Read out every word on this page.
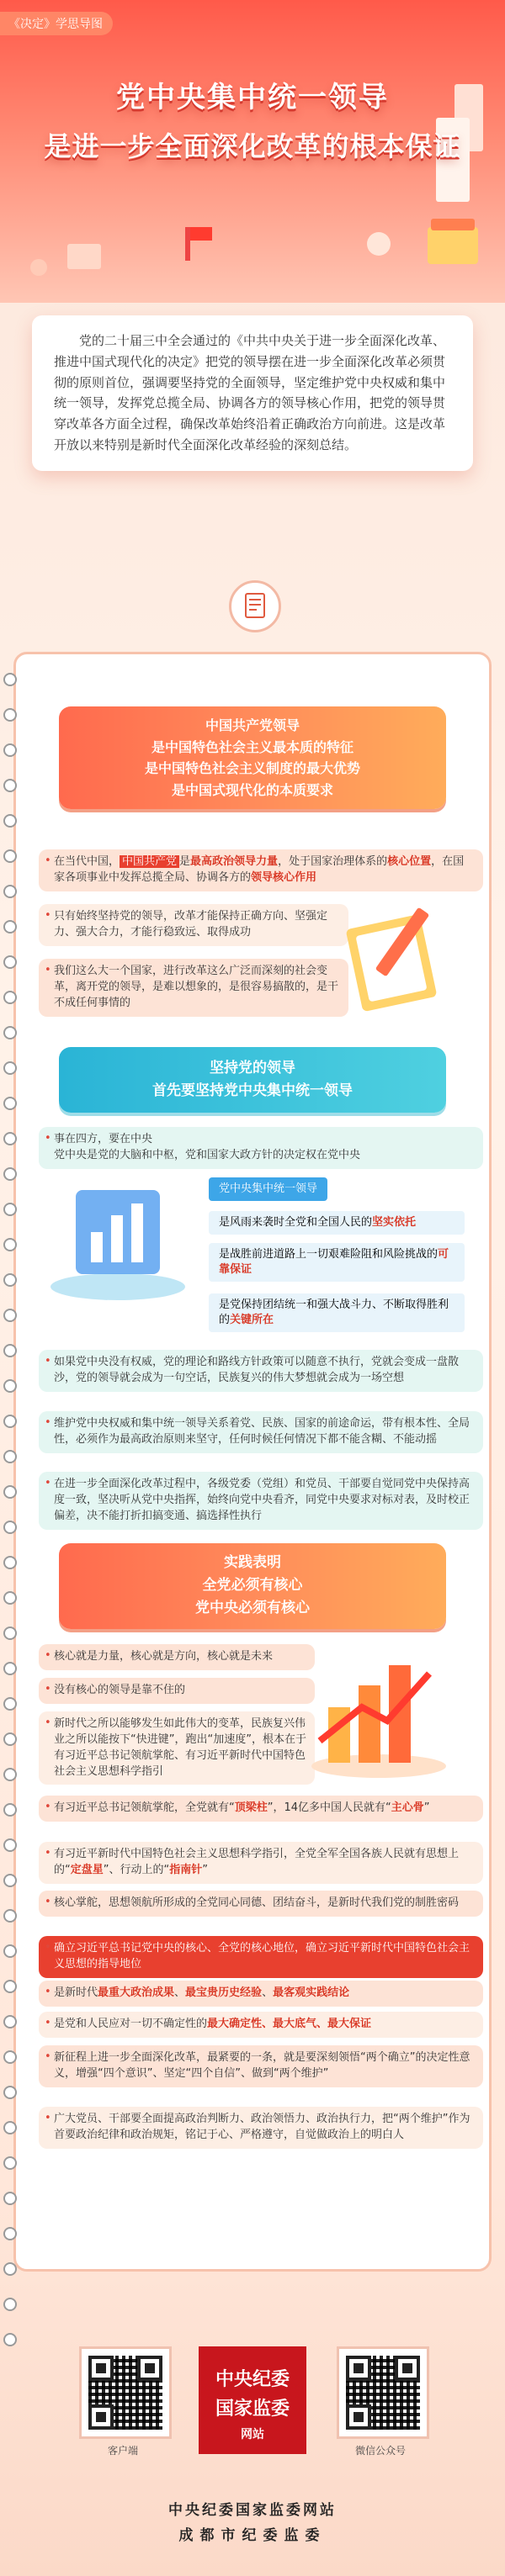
《决定》学思导图
党中央集中统一领导
是进一步全面深化改革的根本保证
党的二十届三中全会通过的《中共中央关于进一步全面深化改革、推进中国式现代化的决定》把党的领导摆在进一步全面深化改革必须贯彻的原则首位，强调要坚持党的全面领导，坚定维护党中央权威和集中统一领导，发挥党总揽全局、协调各方的领导核心作用，把党的领导贯穿改革各方面全过程，确保改革始终沿着正确政治方向前进。这是改革开放以来特别是新时代全面深化改革经验的深刻总结。
中国共产党领导
是中国特色社会主义最本质的特征
是中国特色社会主义制度的最大优势
是中国式现代化的本质要求
• 在当代中国， 中国共产党 是最高政治领导力量，处于国家治理体系的核心位置，在国家各项事业中发挥总揽全局、协调各方的领导核心作用
• 只有始终坚持党的领导，改革才能保持正确方向、坚强定力、强大合力，才能行稳致远、取得成功
• 我们这么大一个国家，进行改革这么广泛而深刻的社会变革，离开党的领导，是难以想象的，是很容易搞散的，是干不成任何事情的
坚持党的领导
首先要坚持党中央集中统一领导
• 事在四方，要在中央
党中央是党的大脑和中枢，党和国家大政方针的决定权在党中央
党中央集中统一领导
是风雨来袭时全党和全国人民的坚实依托
是战胜前进道路上一切艰难险阻和风险挑战的可靠保证
是党保持团结统一和强大战斗力、不断取得胜利的关键所在
• 如果党中央没有权威，党的理论和路线方针政策可以随意不执行，党就会变成一盘散沙，党的领导就会成为一句空话，民族复兴的伟大梦想就会成为一场空想
• 维护党中央权威和集中统一领导关系着党、民族、国家的前途命运，带有根本性、全局性，必须作为最高政治原则来坚守，任何时候任何情况下都不能含糊、不能动摇
• 在进一步全面深化改革过程中，各级党委（党组）和党员、干部要自觉同党中央保持高度一致，坚决听从党中央指挥，始终向党中央看齐，同党中央要求对标对表，及时校正偏差，决不能打折扣搞变通、搞选择性执行
实践表明
全党必须有核心
党中央必须有核心
• 核心就是力量，核心就是方向，核心就是未来
• 没有核心的领导是靠不住的
• 新时代之所以能够发生如此伟大的变革，民族复兴伟业之所以能按下“快进键”，跑出“加速度”，根本在于有习近平总书记领航掌舵、有习近平新时代中国特色社会主义思想科学指引
• 有习近平总书记领航掌舵，全党就有“顶梁柱”，14亿多中国人民就有“主心骨”
• 有习近平新时代中国特色社会主义思想科学指引，全党全军全国各族人民就有思想上的“定盘星”、行动上的“指南针”
• 核心掌舵，思想领航所形成的全党同心同德、团结奋斗，是新时代我们党的制胜密码
• 确立习近平总书记党中央的核心、全党的核心地位，确立习近平新时代中国特色社会主义思想的指导地位
• 是新时代最重大政治成果、最宝贵历史经验、最客观实践结论
• 是党和人民应对一切不确定性的最大确定性、最大底气、最大保证
• 新征程上进一步全面深化改革，最紧要的一条，就是要深刻领悟“两个确立”的决定性意义，增强“四个意识”、坚定“四个自信”、做到“两个维护”
• 广大党员、干部要全面提高政治判断力、政治领悟力、政治执行力，把“两个维护”作为首要政治纪律和政治规矩，铭记于心、严格遵守，自觉做政治上的明白人
客户端
中央纪委
国家监委
网站
微信公众号
中央纪委国家监委网站
成都市纪委监委
